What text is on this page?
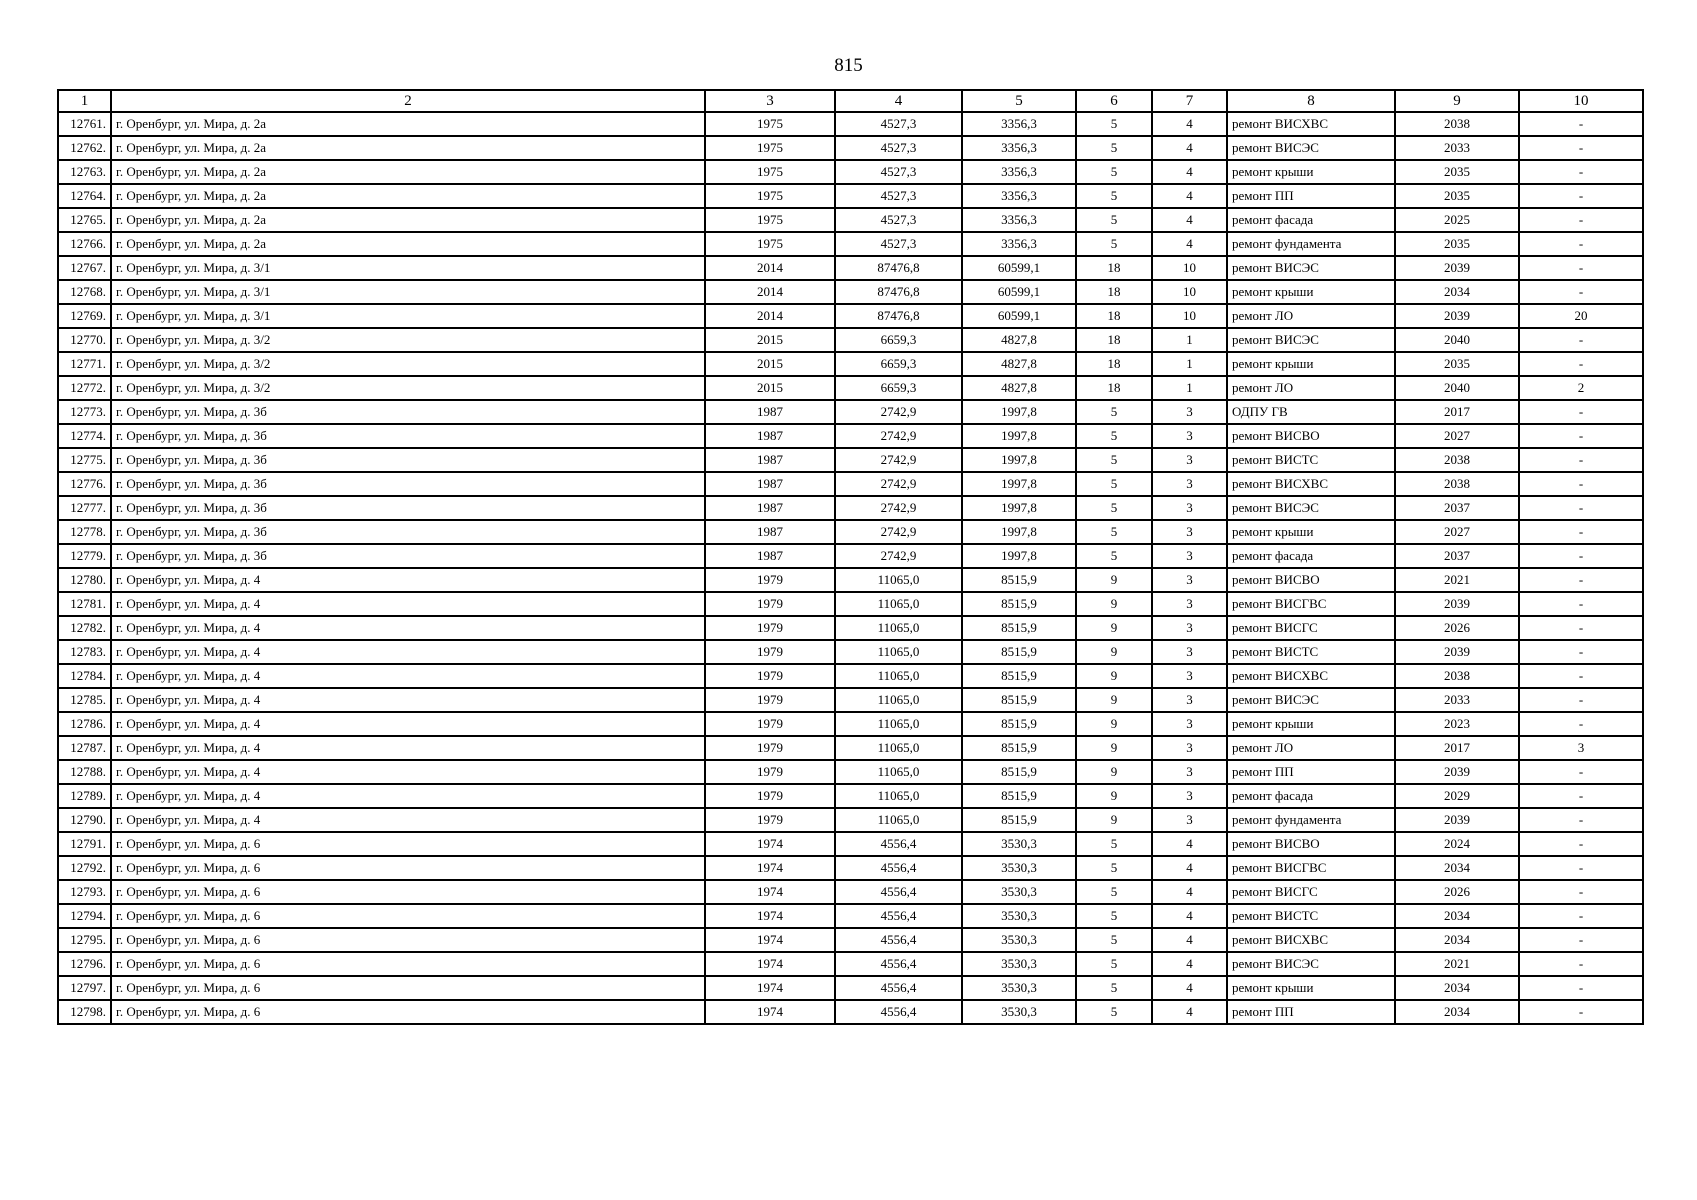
815
1	2	3	4	5	6	7	8	9	10
12761.	г. Оренбург, ул. Мира, д. 2а	1975	4527,3	3356,3	5	4	ремонт ВИСХВС	2038	-
12762.	г. Оренбург, ул. Мира, д. 2а	1975	4527,3	3356,3	5	4	ремонт ВИСЭС	2033	-
12763.	г. Оренбург, ул. Мира, д. 2а	1975	4527,3	3356,3	5	4	ремонт крыши	2035	-
12764.	г. Оренбург, ул. Мира, д. 2а	1975	4527,3	3356,3	5	4	ремонт ПП	2035	-
12765.	г. Оренбург, ул. Мира, д. 2а	1975	4527,3	3356,3	5	4	ремонт фасада	2025	-
12766.	г. Оренбург, ул. Мира, д. 2а	1975	4527,3	3356,3	5	4	ремонт фундамента	2035	-
12767.	г. Оренбург, ул. Мира, д. 3/1	2014	87476,8	60599,1	18	10	ремонт ВИСЭС	2039	-
12768.	г. Оренбург, ул. Мира, д. 3/1	2014	87476,8	60599,1	18	10	ремонт крыши	2034	-
12769.	г. Оренбург, ул. Мира, д. 3/1	2014	87476,8	60599,1	18	10	ремонт ЛО	2039	20
12770.	г. Оренбург, ул. Мира, д. 3/2	2015	6659,3	4827,8	18	1	ремонт ВИСЭС	2040	-
12771.	г. Оренбург, ул. Мира, д. 3/2	2015	6659,3	4827,8	18	1	ремонт крыши	2035	-
12772.	г. Оренбург, ул. Мира, д. 3/2	2015	6659,3	4827,8	18	1	ремонт ЛО	2040	2
12773.	г. Оренбург, ул. Мира, д. 3б	1987	2742,9	1997,8	5	3	ОДПУ ГВ	2017	-
12774.	г. Оренбург, ул. Мира, д. 3б	1987	2742,9	1997,8	5	3	ремонт ВИСВО	2027	-
12775.	г. Оренбург, ул. Мира, д. 3б	1987	2742,9	1997,8	5	3	ремонт ВИСТС	2038	-
12776.	г. Оренбург, ул. Мира, д. 3б	1987	2742,9	1997,8	5	3	ремонт ВИСХВС	2038	-
12777.	г. Оренбург, ул. Мира, д. 3б	1987	2742,9	1997,8	5	3	ремонт ВИСЭС	2037	-
12778.	г. Оренбург, ул. Мира, д. 3б	1987	2742,9	1997,8	5	3	ремонт крыши	2027	-
12779.	г. Оренбург, ул. Мира, д. 3б	1987	2742,9	1997,8	5	3	ремонт фасада	2037	-
12780.	г. Оренбург, ул. Мира, д. 4	1979	11065,0	8515,9	9	3	ремонт ВИСВО	2021	-
12781.	г. Оренбург, ул. Мира, д. 4	1979	11065,0	8515,9	9	3	ремонт ВИСГВС	2039	-
12782.	г. Оренбург, ул. Мира, д. 4	1979	11065,0	8515,9	9	3	ремонт ВИСГС	2026	-
12783.	г. Оренбург, ул. Мира, д. 4	1979	11065,0	8515,9	9	3	ремонт ВИСТС	2039	-
12784.	г. Оренбург, ул. Мира, д. 4	1979	11065,0	8515,9	9	3	ремонт ВИСХВС	2038	-
12785.	г. Оренбург, ул. Мира, д. 4	1979	11065,0	8515,9	9	3	ремонт ВИСЭС	2033	-
12786.	г. Оренбург, ул. Мира, д. 4	1979	11065,0	8515,9	9	3	ремонт крыши	2023	-
12787.	г. Оренбург, ул. Мира, д. 4	1979	11065,0	8515,9	9	3	ремонт ЛО	2017	3
12788.	г. Оренбург, ул. Мира, д. 4	1979	11065,0	8515,9	9	3	ремонт ПП	2039	-
12789.	г. Оренбург, ул. Мира, д. 4	1979	11065,0	8515,9	9	3	ремонт фасада	2029	-
12790.	г. Оренбург, ул. Мира, д. 4	1979	11065,0	8515,9	9	3	ремонт фундамента	2039	-
12791.	г. Оренбург, ул. Мира, д. 6	1974	4556,4	3530,3	5	4	ремонт ВИСВО	2024	-
12792.	г. Оренбург, ул. Мира, д. 6	1974	4556,4	3530,3	5	4	ремонт ВИСГВС	2034	-
12793.	г. Оренбург, ул. Мира, д. 6	1974	4556,4	3530,3	5	4	ремонт ВИСГС	2026	-
12794.	г. Оренбург, ул. Мира, д. 6	1974	4556,4	3530,3	5	4	ремонт ВИСТС	2034	-
12795.	г. Оренбург, ул. Мира, д. 6	1974	4556,4	3530,3	5	4	ремонт ВИСХВС	2034	-
12796.	г. Оренбург, ул. Мира, д. 6	1974	4556,4	3530,3	5	4	ремонт ВИСЭС	2021	-
12797.	г. Оренбург, ул. Мира, д. 6	1974	4556,4	3530,3	5	4	ремонт крыши	2034	-
12798.	г. Оренбург, ул. Мира, д. 6	1974	4556,4	3530,3	5	4	ремонт ПП	2034	-
